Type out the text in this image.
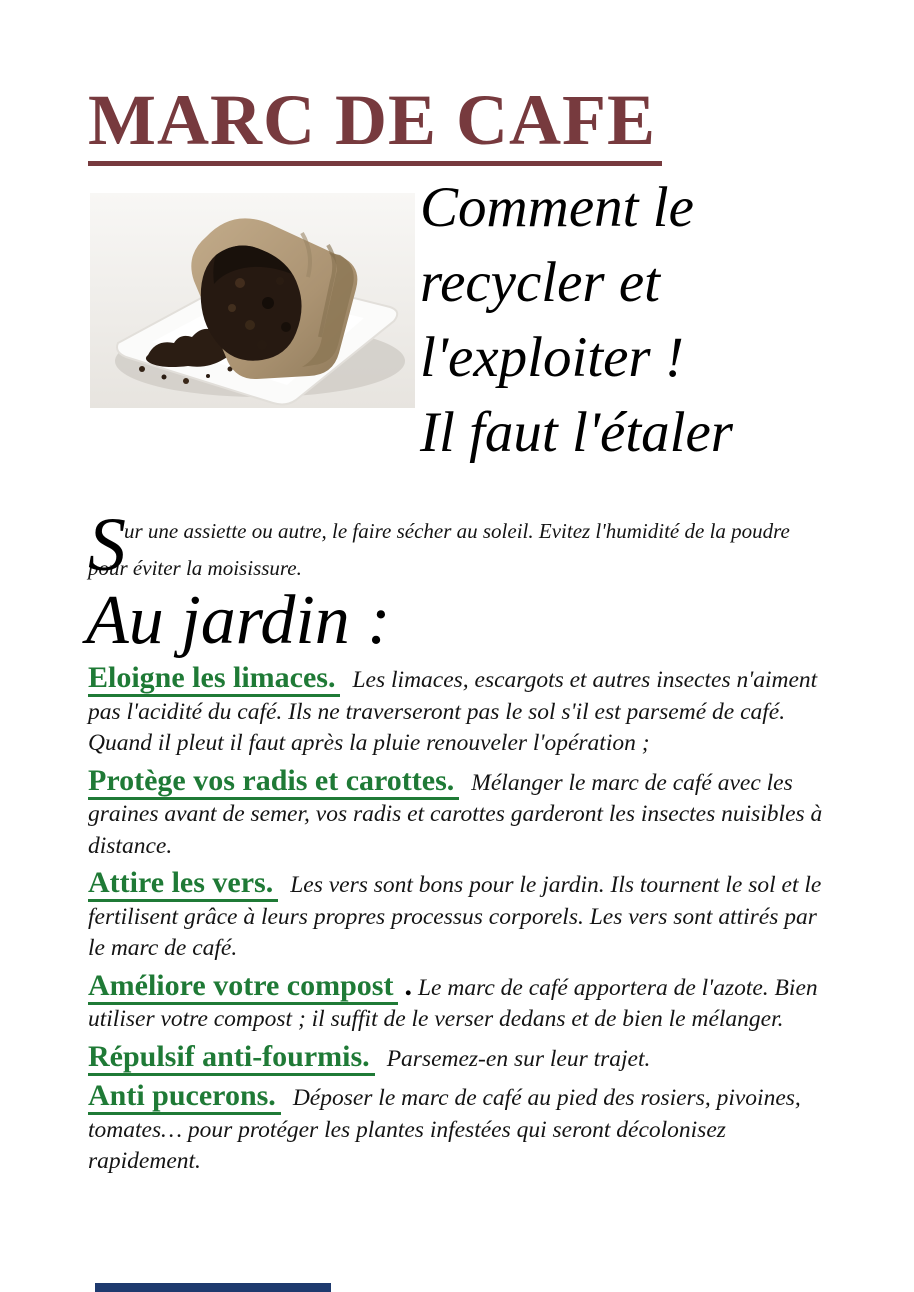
MARC DE CAFE
Comment le
recycler et
l'exploiter !
Il faut l'étaler

S
ur une assiette ou autre, le faire sécher au soleil. Evitez l'humidité de la poudre pour éviter la moisissure.

Au jardin :

Eloigne les limaces. Les limaces, escargots et autres insectes n'aiment pas l'acidité du café. Ils ne traverseront pas le sol s'il est parsemé de café. Quand il pleut il faut après la pluie renouveler l'opération ;

Protège vos radis et carottes. Mélanger le marc de café avec les graines avant de semer, vos radis et carottes garderont les insectes nuisibles à distance.

Attire les vers. Les vers sont bons pour le jardin. Ils tournent le sol et le fertilisent grâce à leurs propres processus corporels. Les vers sont attirés par le marc de café.

Améliore votre compost . Le marc de café apportera de l'azote. Bien utiliser votre compost ; il suffit de le verser dedans et de bien le mélanger.

Répulsif anti-fourmis. Parsemez-en sur leur trajet.

Anti pucerons. Déposer le marc de café au pied des rosiers, pivoines, tomates… pour protéger les plantes infestées qui seront décolonisez rapidement.
